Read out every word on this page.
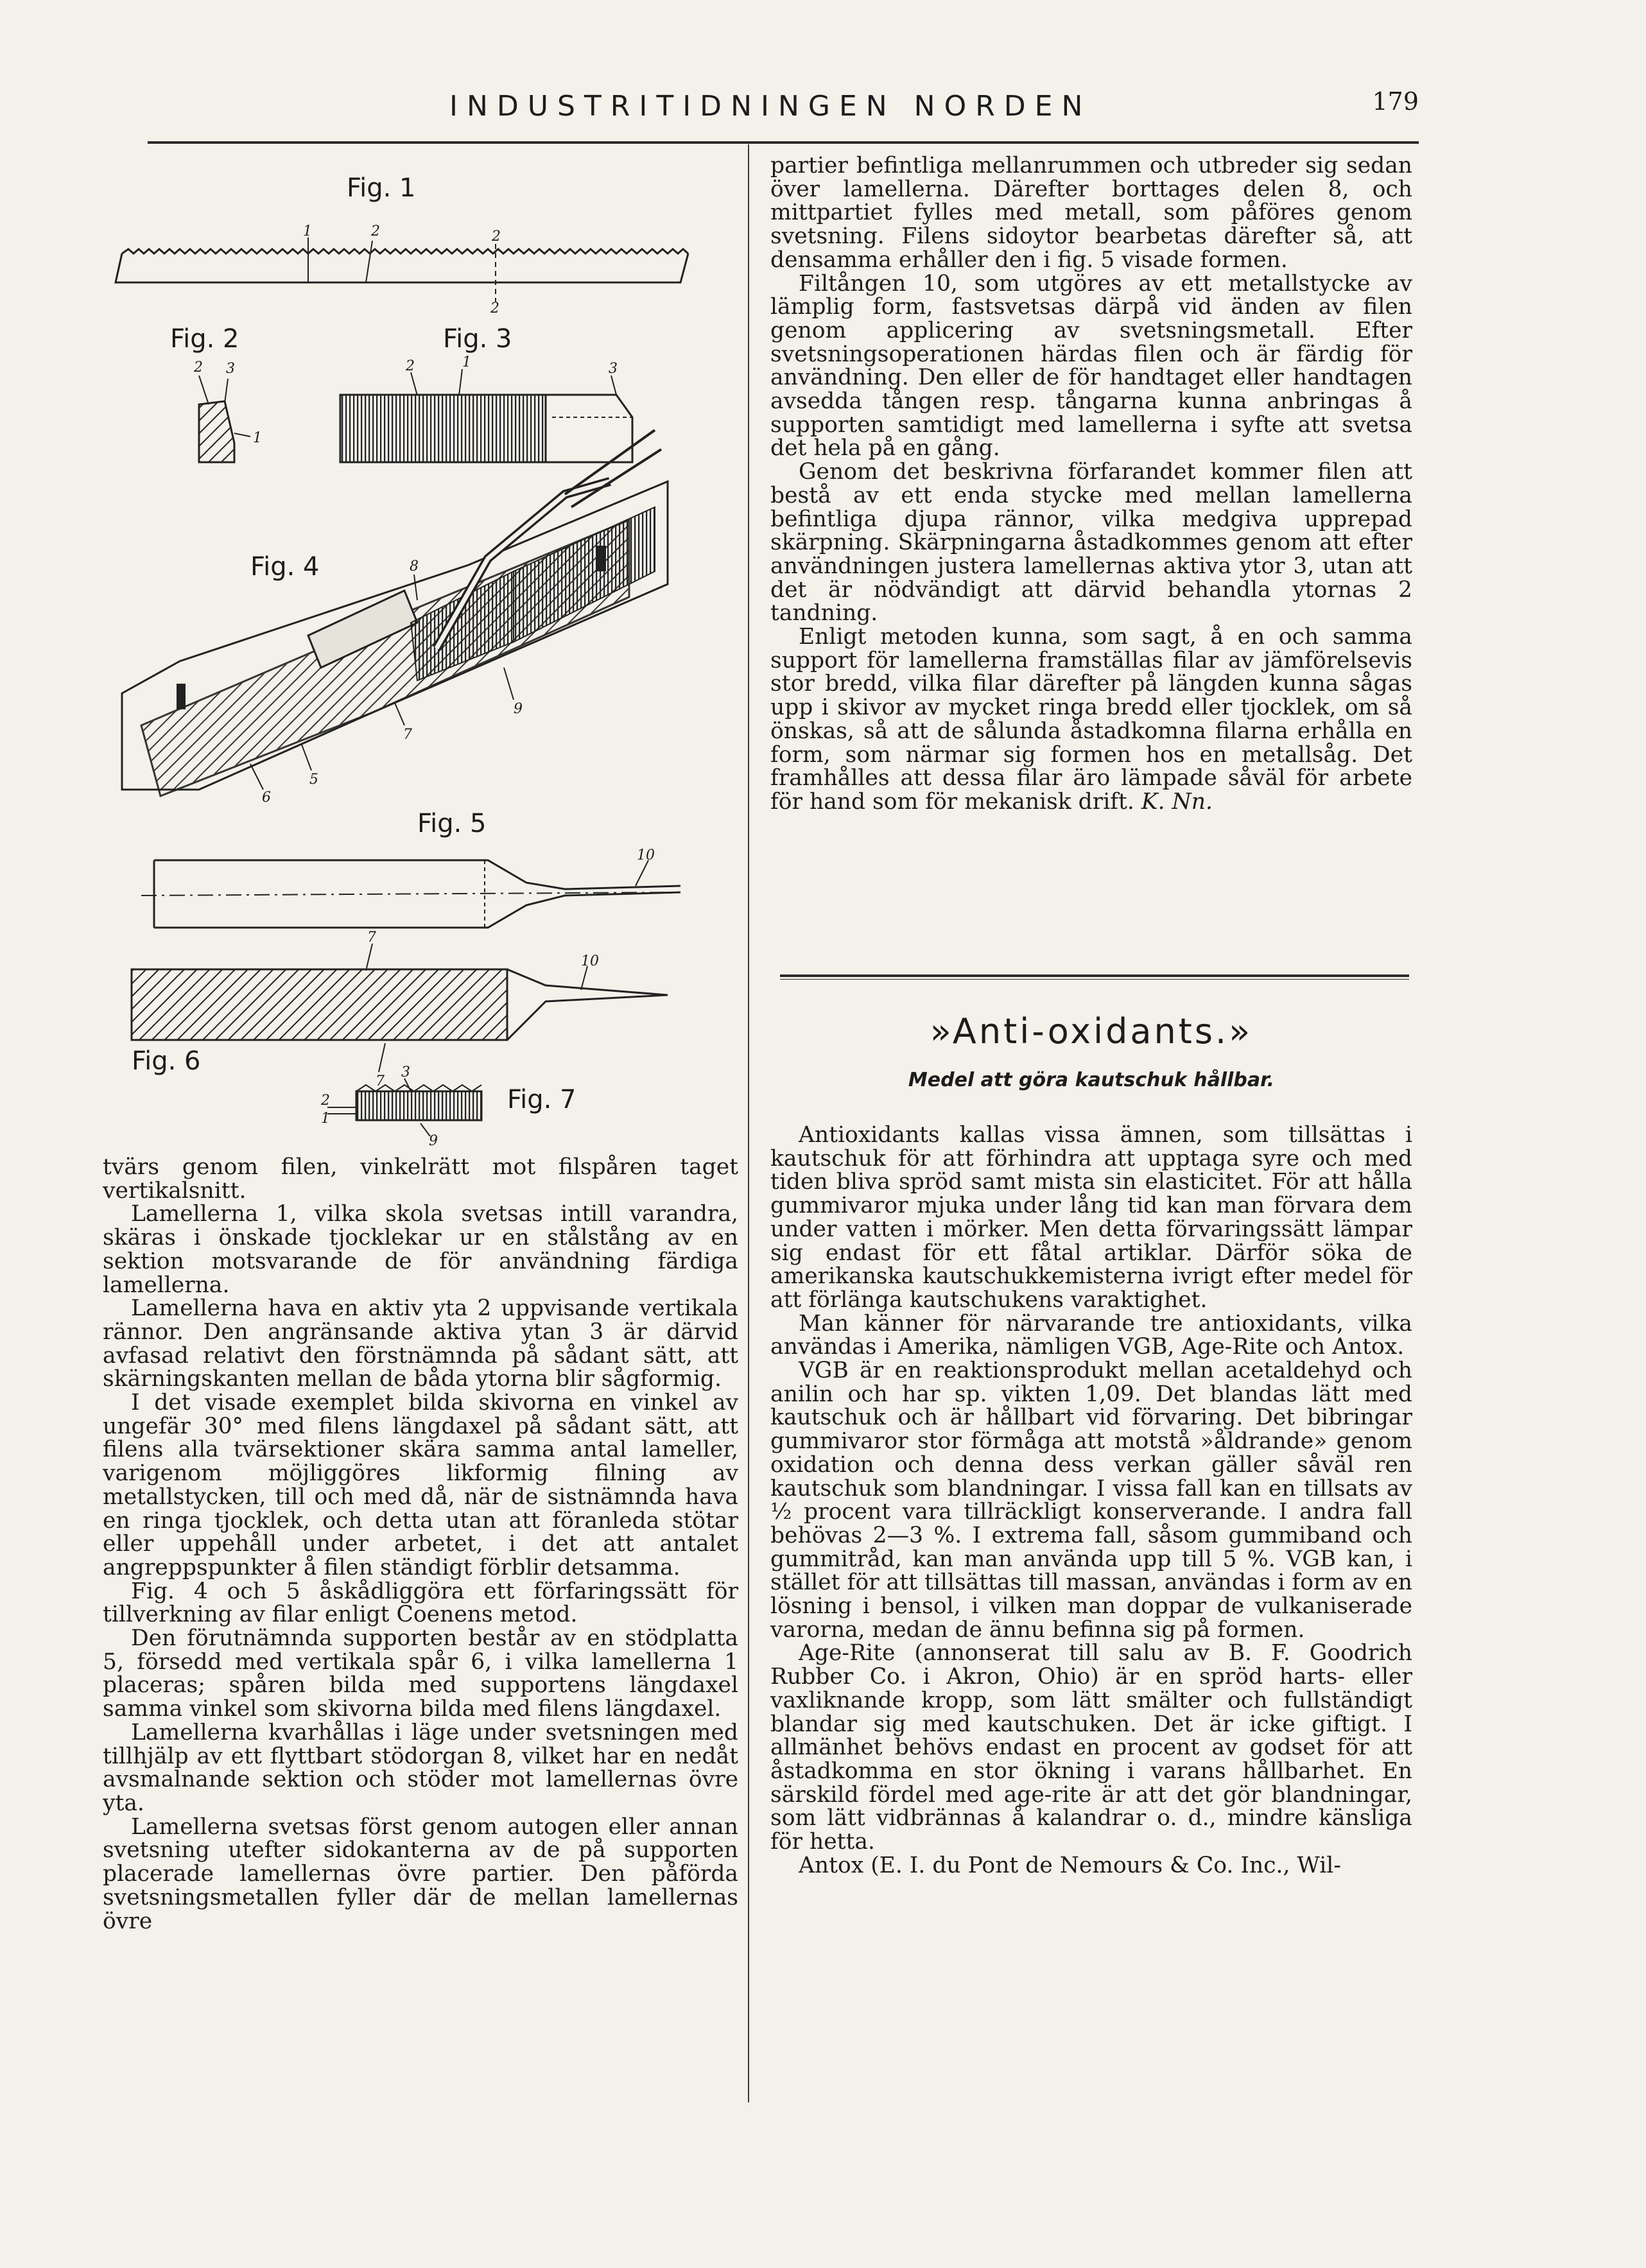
INDUSTRITIDNINGEN NORDEN	179
Fig. 1
Fig. 2	Fig. 3
Fig. 4
Fig. 5
Fig. 6
Fig. 7
1	2	2
2
2 3
1
2	1	3
8
6
5
7
9
10
7
10
7
3
2
1
9

tvärs genom filen, vinkelrätt mot filspåren taget vertikalsnitt.

Lamellerna 1, vilka skola svetsas intill varandra, skäras i önskade tjocklekar ur en stålstång av en sektion motsvarande de för användning färdiga lamellerna.

Lamellerna hava en aktiv yta 2 uppvisande vertikala rännor. Den angränsande aktiva ytan 3 är därvid avfasad relativt den förstnämnda på sådant sätt, att skärningskanten mellan de båda ytorna blir sågformig.

I det visade exemplet bilda skivorna en vinkel av ungefär 30° med filens längdaxel på sådant sätt, att filens alla tvärsektioner skära samma antal lameller, varigenom möjliggöres likformig filning av metallstycken, till och med då, när de sistnämnda hava en ringa tjocklek, och detta utan att föranleda stötar eller uppehåll under arbetet, i det att antalet angreppspunkter å filen ständigt förblir detsamma.

Fig. 4 och 5 åskådliggöra ett förfaringssätt för tillverkning av filar enligt Coenens metod.

Den förutnämnda supporten består av en stödplatta 5, försedd med vertikala spår 6, i vilka lamellerna 1 placeras; spåren bilda med supportens längdaxel samma vinkel som skivorna bilda med filens längdaxel.

Lamellerna kvarhållas i läge under svetsningen med tillhjälp av ett flyttbart stödorgan 8, vilket har en nedåt avsmalnande sektion och stöder mot lamellernas övre yta.

Lamellerna svetsas först genom autogen eller annan svetsning utefter sidokanterna av de på supporten placerade lamellernas övre partier. Den påförda svetsningsmetallen fyller där de mellan lamellernas övre

partier befintliga mellanrummen och utbreder sig sedan över lamellerna. Därefter borttages delen 8, och mittpartiet fylles med metall, som påföres genom svetsning. Filens sidoytor bearbetas därefter så, att densamma erhåller den i fig. 5 visade formen.

Filtången 10, som utgöres av ett metallstycke av lämplig form, fastsvetsas därpå vid änden av filen genom applicering av svetsningsmetall. Efter svetsningsoperationen härdas filen och är färdig för användning. Den eller de för handtaget eller handtagen avsedda tången resp. tångarna kunna anbringas å supporten samtidigt med lamellerna i syfte att svetsa det hela på en gång.

Genom det beskrivna förfarandet kommer filen att bestå av ett enda stycke med mellan lamellerna befintliga djupa rännor, vilka medgiva upprepad skärpning. Skärpningarna åstadkommes genom att efter användningen justera lamellernas aktiva ytor 3, utan att det är nödvändigt att därvid behandla ytornas 2 tandning.

Enligt metoden kunna, som sagt, å en och samma support för lamellerna framställas filar av jämförelsevis stor bredd, vilka filar därefter på längden kunna sågas upp i skivor av mycket ringa bredd eller tjocklek, om så önskas, så att de sålunda åstadkomna filarna erhålla en form, som närmar sig formen hos en metallsåg. Det framhålles att dessa filar äro lämpade såväl för arbete för hand som för mekanisk drift. K. Nn.

»Anti-oxidants.»
Medel att göra kautschuk hållbar.

Antioxidants kallas vissa ämnen, som tillsättas i kautschuk för att förhindra att upptaga syre och med tiden bliva spröd samt mista sin elasticitet. För att hålla gummivaror mjuka under lång tid kan man förvara dem under vatten i mörker. Men detta förvaringssätt lämpar sig endast för ett fåtal artiklar. Därför söka de amerikanska kautschukkemisterna ivrigt efter medel för att förlänga kautschukens varaktighet.

Man känner för närvarande tre antioxidants, vilka användas i Amerika, nämligen VGB, Age-Rite och Antox.

VGB är en reaktionsprodukt mellan acetaldehyd och anilin och har sp. vikten 1,09. Det blandas lätt med kautschuk och är hållbart vid förvaring. Det bibringar gummivaror stor förmåga att motstå »åldrande» genom oxidation och denna dess verkan gäller såväl ren kautschuk som blandningar. I vissa fall kan en tillsats av ½ procent vara tillräckligt konserverande. I andra fall behövas 2—3 %. I extrema fall, såsom gummiband och gummitråd, kan man använda upp till 5 %. VGB kan, i stället för att tillsättas till massan, användas i form av en lösning i bensol, i vilken man doppar de vulkaniserade varorna, medan de ännu befinna sig på formen.

Age-Rite (annonserat till salu av B. F. Goodrich Rubber Co. i Akron, Ohio) är en spröd harts- eller vaxliknande kropp, som lätt smälter och fullständigt blandar sig med kautschuken. Det är icke giftigt. I allmänhet behövs endast en procent av godset för att åstadkomma en stor ökning i varans hållbarhet. En särskild fördel med age-rite är att det gör blandningar, som lätt vidbrännas å kalandrar o. d., mindre känsliga för hetta.

Antox (E. I. du Pont de Nemours & Co. Inc., Wil-
